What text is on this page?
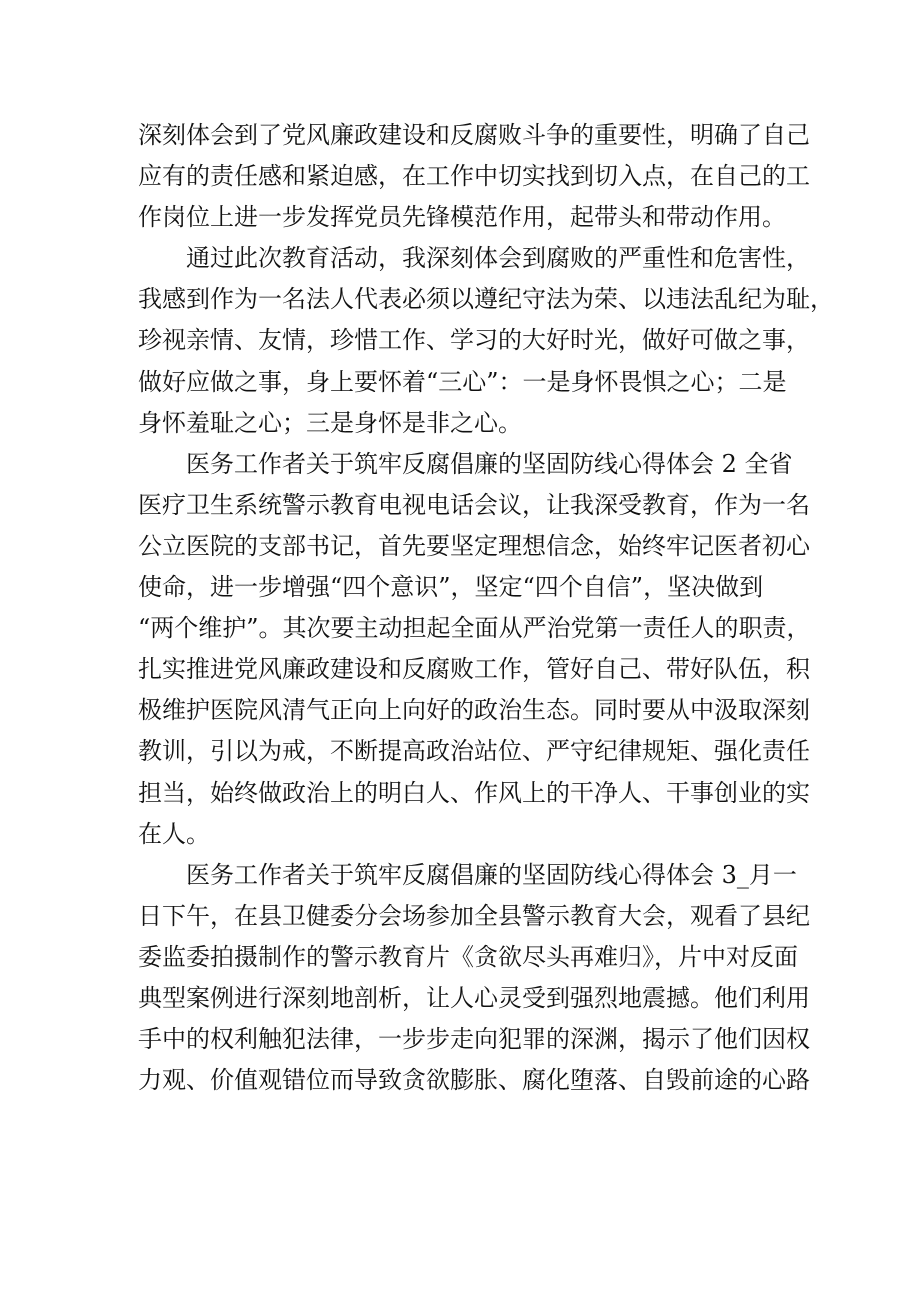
深刻体会到了党风廉政建设和反腐败斗争的重要性，明确了自己
应有的责任感和紧迫感，在工作中切实找到切入点，在自己的工
作岗位上进一步发挥党员先锋模范作用，起带头和带动作用。
通过此次教育活动，我深刻体会到腐败的严重性和危害性，
我感到作为一名法人代表必须以遵纪守法为荣、以违法乱纪为耻，
珍视亲情、友情，珍惜工作、学习的大好时光，做好可做之事，
做好应做之事，身上要怀着“三心”：一是身怀畏惧之心；二是
身怀羞耻之心；三是身怀是非之心。
医务工作者关于筑牢反腐倡廉的坚固防线心得体会 2 全省
医疗卫生系统警示教育电视电话会议，让我深受教育，作为一名
公立医院的支部书记，首先要坚定理想信念，始终牢记医者初心
使命，进一步增强“四个意识”，坚定“四个自信”，坚决做到
“两个维护”。其次要主动担起全面从严治党第一责任人的职责，
扎实推进党风廉政建设和反腐败工作，管好自己、带好队伍，积
极维护医院风清气正向上向好的政治生态。同时要从中汲取深刻
教训，引以为戒，不断提高政治站位、严守纪律规矩、强化责任
担当，始终做政治上的明白人、作风上的干净人、干事创业的实
在人。
医务工作者关于筑牢反腐倡廉的坚固防线心得体会 3_月一
日下午，在县卫健委分会场参加全县警示教育大会，观看了县纪
委监委拍摄制作的警示教育片《贪欲尽头再难归》，片中对反面
典型案例进行深刻地剖析，让人心灵受到强烈地震撼。他们利用
手中的权利触犯法律，一步步走向犯罪的深渊，揭示了他们因权
力观、价值观错位而导致贪欲膨胀、腐化堕落、自毁前途的心路
